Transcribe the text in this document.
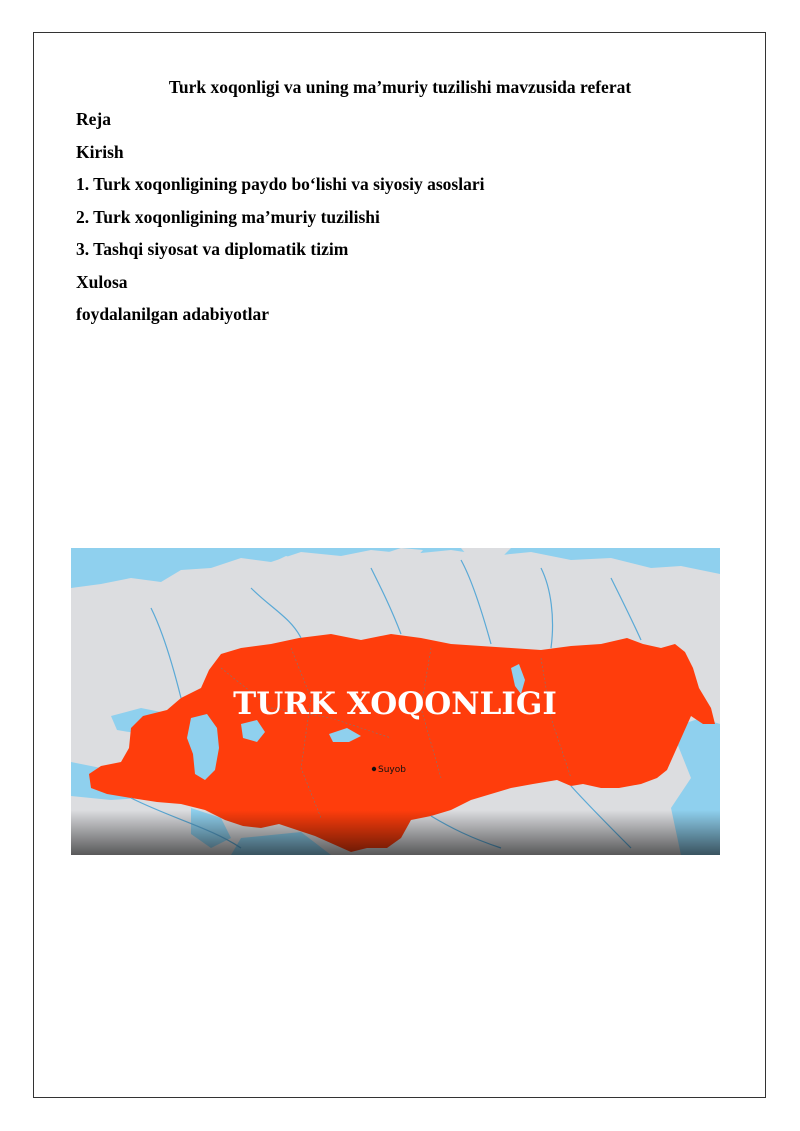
Turk xoqonligi va uning ma’muriy tuzilishi mavzusida referat
Reja
Kirish
1. Turk xoqonligining paydo bo‘lishi va siyosiy asoslari
2. Turk xoqonligining ma’muriy tuzilishi
3. Tashqi siyosat va diplomatik tizim
Xulosa
foydalanilgan adabiyotlar
TURK XOQONLIGI
Suyob
